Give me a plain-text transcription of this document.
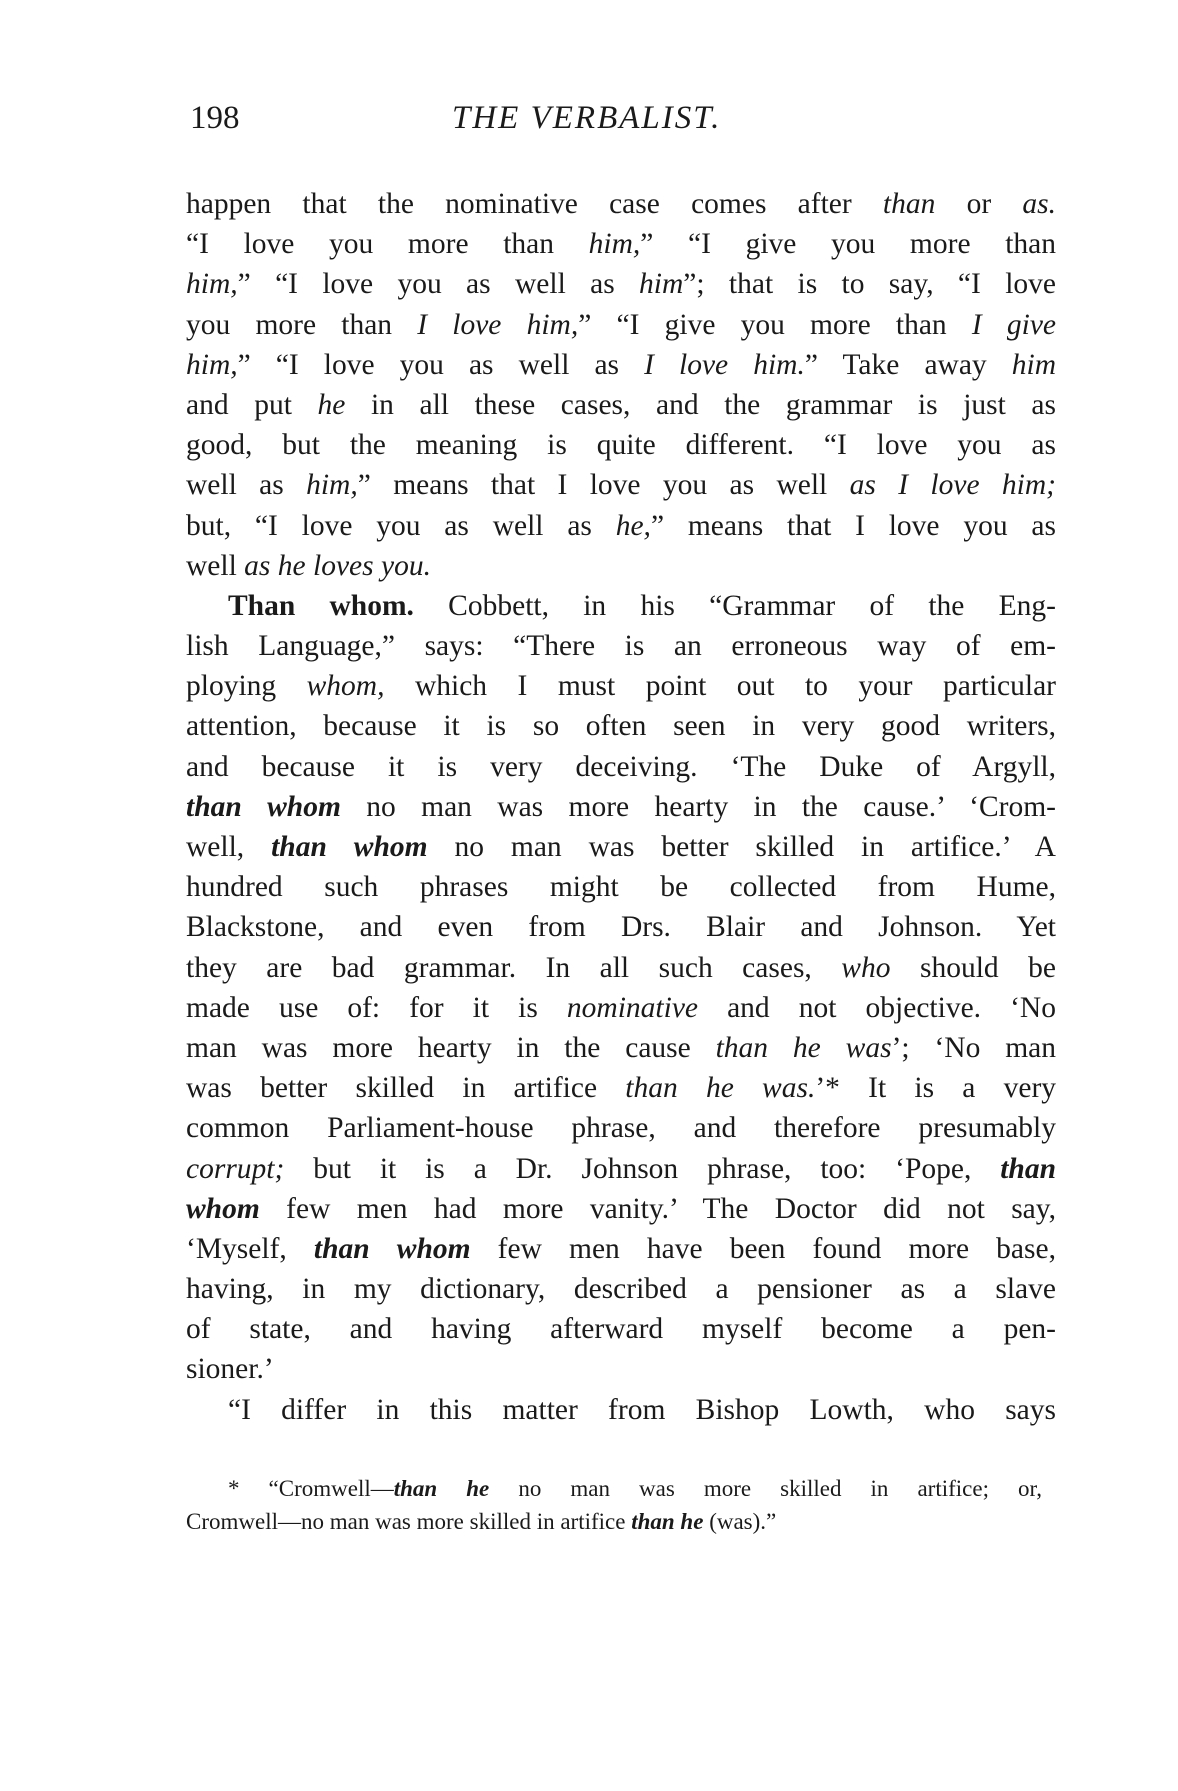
198	THE VERBALIST.
happen that the nominative case comes after than or as.
“I love you more than him,” “I give you more than
him,” “I love you as well as him”; that is to say, “I love
you more than I love him,” “I give you more than I give
him,” “I love you as well as I love him.” Take away him
and put he in all these cases, and the grammar is just as
good, but the meaning is quite different. “I love you as
well as him,” means that I love you as well as I love him;
but, “I love you as well as he,” means that I love you as
well as he loves you.
Than whom. Cobbett, in his “Grammar of the Eng-
lish Language,” says: “There is an erroneous way of em-
ploying whom, which I must point out to your particular
attention, because it is so often seen in very good writers,
and because it is very deceiving. ‘The Duke of Argyll,
than whom no man was more hearty in the cause.’ ‘Crom-
well, than whom no man was better skilled in artifice.’ A
hundred such phrases might be collected from Hume,
Blackstone, and even from Drs. Blair and Johnson. Yet
they are bad grammar. In all such cases, who should be
made use of: for it is nominative and not objective. ‘No
man was more hearty in the cause than he was’; ‘No man
was better skilled in artifice than he was.’* It is a very
common Parliament-house phrase, and therefore presumably
corrupt; but it is a Dr. Johnson phrase, too: ‘Pope, than
whom few men had more vanity.’ The Doctor did not say,
‘Myself, than whom few men have been found more base,
having, in my dictionary, described a pensioner as a slave
of state, and having afterward myself become a pen-
sioner.’
“I differ in this matter from Bishop Lowth, who says
* “Cromwell—than he no man was more skilled in artifice; or,
Cromwell—no man was more skilled in artifice than he (was).”
